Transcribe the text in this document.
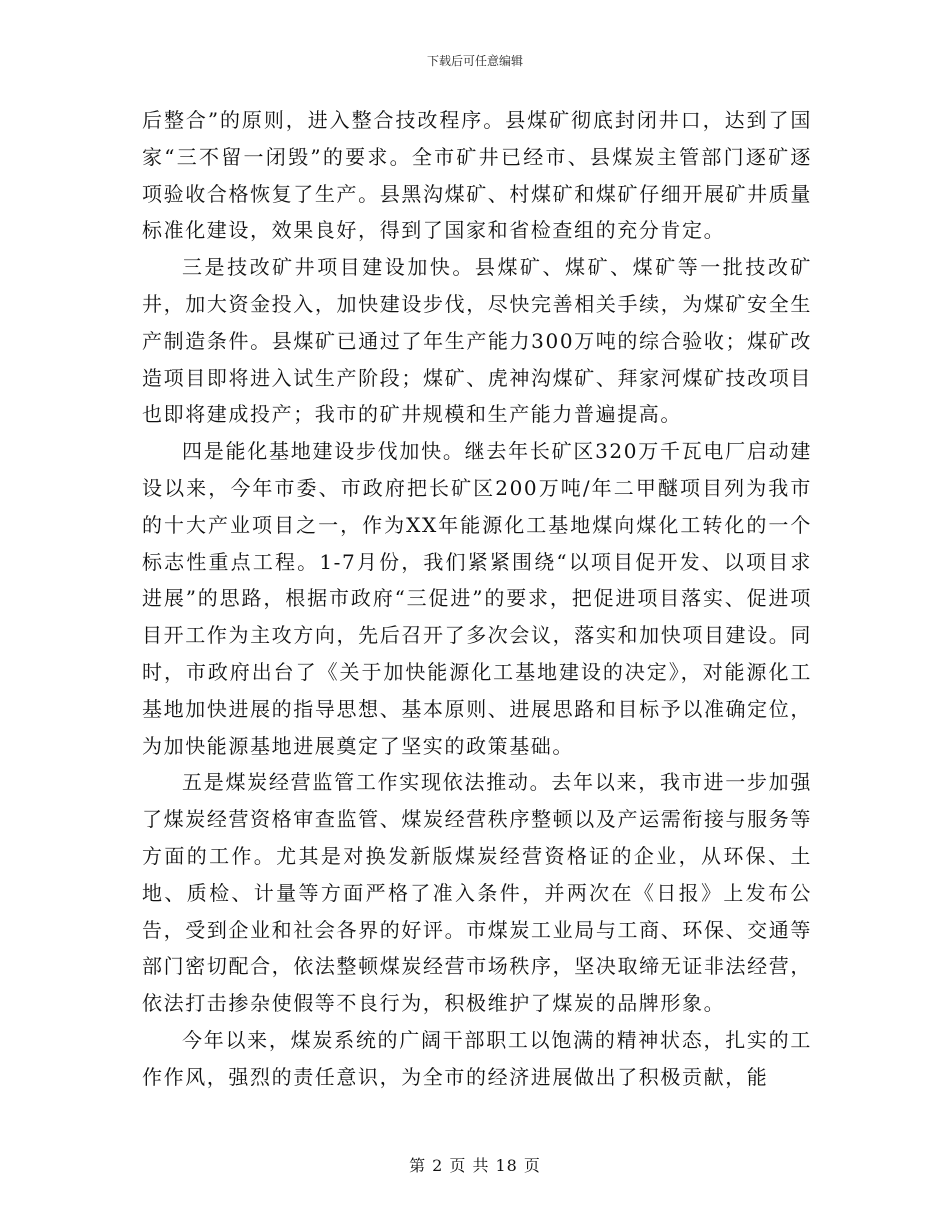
下载后可任意编辑

后整合”的原则，进入整合技改程序。县煤矿彻底封闭井口，达到了国家“三不留一闭毁”的要求。全市矿井已经市、县煤炭主管部门逐矿逐项验收合格恢复了生产。县黑沟煤矿、村煤矿和煤矿仔细开展矿井质量标准化建设，效果良好，得到了国家和省检查组的充分肯定。

三是技改矿井项目建设加快。县煤矿、煤矿、煤矿等一批技改矿井，加大资金投入，加快建设步伐，尽快完善相关手续，为煤矿安全生产制造条件。县煤矿已通过了年生产能力300万吨的综合验收；煤矿改造项目即将进入试生产阶段；煤矿、虎神沟煤矿、拜家河煤矿技改项目也即将建成投产；我市的矿井规模和生产能力普遍提高。

四是能化基地建设步伐加快。继去年长矿区320万千瓦电厂启动建设以来，今年市委、市政府把长矿区200万吨/年二甲醚项目列为我市的十大产业项目之一，作为XX年能源化工基地煤向煤化工转化的一个标志性重点工程。1-7月份，我们紧紧围绕“以项目促开发、以项目求进展”的思路，根据市政府“三促进”的要求，把促进项目落实、促进项目开工作为主攻方向，先后召开了多次会议，落实和加快项目建设。同时，市政府出台了《关于加快能源化工基地建设的决定》，对能源化工基地加快进展的指导思想、基本原则、进展思路和目标予以准确定位，为加快能源基地进展奠定了坚实的政策基础。

五是煤炭经营监管工作实现依法推动。去年以来，我市进一步加强了煤炭经营资格审查监管、煤炭经营秩序整顿以及产运需衔接与服务等方面的工作。尤其是对换发新版煤炭经营资格证的企业，从环保、土地、质检、计量等方面严格了准入条件，并两次在《日报》上发布公告，受到企业和社会各界的好评。市煤炭工业局与工商、环保、交通等部门密切配合，依法整顿煤炭经营市场秩序，坚决取缔无证非法经营，依法打击掺杂使假等不良行为，积极维护了煤炭的品牌形象。

今年以来，煤炭系统的广阔干部职工以饱满的精神状态，扎实的工作作风，强烈的责任意识，为全市的经济进展做出了积极贡献，能

第 2 页 共 18 页
